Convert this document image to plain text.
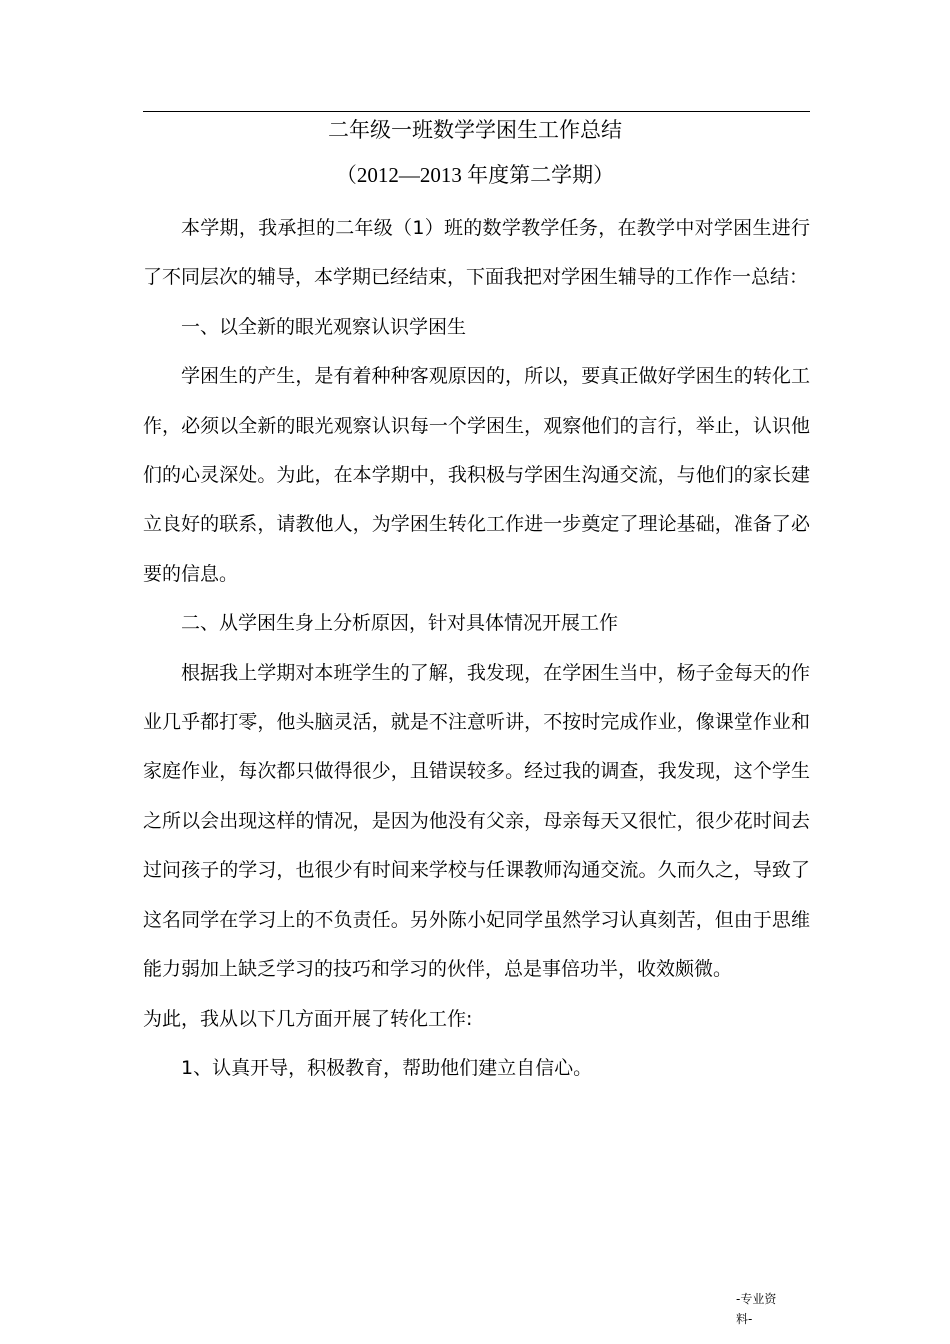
二年级一班数学学困生工作总结
（2012—2013 年度第二学期）

本学期，我承担的二年级（1）班的数学教学任务，在教学中对学困生进行了不同层次的辅导，本学期已经结束，下面我把对学困生辅导的工作作一总结：

一、以全新的眼光观察认识学困生

学困生的产生，是有着种种客观原因的，所以，要真正做好学困生的转化工作，必须以全新的眼光观察认识每一个学困生，观察他们的言行，举止，认识他们的心灵深处。为此，在本学期中，我积极与学困生沟通交流，与他们的家长建立良好的联系，请教他人，为学困生转化工作进一步奠定了理论基础，准备了必要的信息。

二、从学困生身上分析原因，针对具体情况开展工作

根据我上学期对本班学生的了解，我发现，在学困生当中，杨子金每天的作业几乎都打零，他头脑灵活，就是不注意听讲，不按时完成作业，像课堂作业和家庭作业，每次都只做得很少，且错误较多。经过我的调查，我发现，这个学生之所以会出现这样的情况，是因为他没有父亲，母亲每天又很忙，很少花时间去过问孩子的学习，也很少有时间来学校与任课教师沟通交流。久而久之，导致了这名同学在学习上的不负责任。另外陈小妃同学虽然学习认真刻苦，但由于思维能力弱加上缺乏学习的技巧和学习的伙伴，总是事倍功半，收效颇微。

为此，我从以下几方面开展了转化工作:

1、认真开导，积极教育，帮助他们建立自信心。

-专业资
料-
